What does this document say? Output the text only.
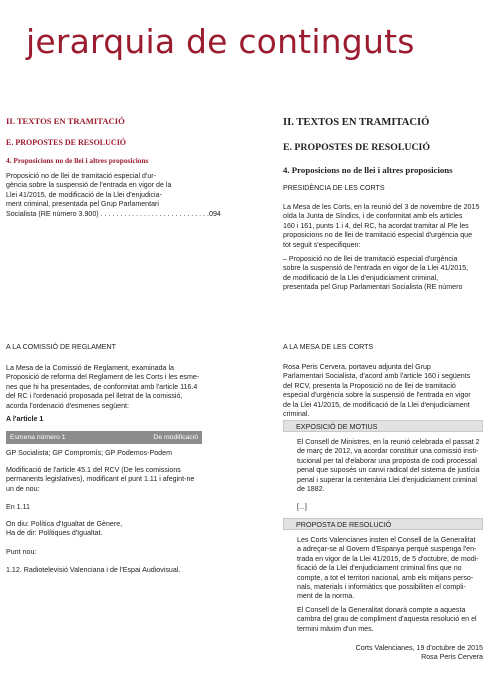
jerarquia de continguts
II. TEXTOS EN TRAMITACIÓ
E. PROPOSTES DE RESOLUCIÓ
4. Proposicions no de llei i altres proposicions

Proposició no de llei de tramitació especial d'ur-

gència sobre la suspensió de l'entrada en vigor de la

Llei 41/2015, de modificació de la Llei d'enjudicia-

ment criminal, presentada pel Grup Parlamentari

Socialista (RE número 3.900) . . . . . . . . . . . . . . . . . . . . . . . . . . . .094

A LA COMISSIÓ DE REGLAMENT

La Mesa de la Comissió de Reglament, examinada la

Proposició de reforma del Reglament de les Corts i les esme-

nes que hi ha presentades, de conformitat amb l'article 116.4

del RC i l'ordenació proposada pel lletrat de la comissió,

acorda l'ordenació d'esmenes següent:

A l'article 1
Esmena número 1	De modificació
GP Socialista; GP Compromís; GP Podemos-Podem

Modificació de l'article 45.1 del RCV (De les comissions

permanents legislatives), modificant el punt 1.11 i afegint-ne

un de nou:

En 1.11

On diu: Política d'Igualtat de Gènere,

Ha de dir: Polítiques d'Igualtat.

Punt nou:
1.12. Radiotelevisió Valenciana i de l'Espai Audiovisual.
II. TEXTOS EN TRAMITACIÓ
E. PROPOSTES DE RESOLUCIÓ
4. Proposicions no de llei i altres proposicions
PRESIDÈNCIA DE LES CORTS

La Mesa de les Corts, en la reunió del 3 de novembre de 2015

oïda la Junta de Síndics, i de conformitat amb els articles

160 i 161, punts 1 i 4, del RC, ha acordat tramitar al Ple les

proposicions no de llei de tramitació especial d'urgència que

tot seguit s'especifiquen:

– Proposició no de llei de tramitació especial d'urgència

sobre la suspensió de l'entrada en vigor de la Llei 41/2015,

de modificació de la Llei d'enjudiciament criminal,

presentada pel Grup Parlamentari Socialista (RE número

A LA MESA DE LES CORTS

Rosa Peris Cervera, portaveu adjunta del Grup

Parlamentari Socialista, d'acord amb l'article 160 i següents

del RCV, presenta la Proposició no de llei de tramitació

especial d'urgència sobre la suspensió de l'entrada en vigor

de la Llei 41/2015, de modificació de la Llei d'enjudiciament

criminal.

EXPOSICIÓ DE MOTIUS

El Consell de Ministres, en la reunió celebrada el passat 2

de març de 2012, va acordar constituir una comissió insti-

tucional per tal d'elaborar una proposta de codi processal

penal que suposés un canvi radical del sistema de justícia

penal i superar la centenària Llei d'enjudiciament criminal

de 1882.

[...]
PROPOSTA DE RESOLUCIÓ

Les Corts Valencianes insten el Consell de la Generalitat

a adreçar-se al Govern d'Espanya perquè suspenga l'en-

trada en vigor de la Llei 41/2015, de 5 d'octubre, de modi-

ficació de la Llei d'enjudiciament criminal fins que no

compte, a tot el territori nacional, amb els mitjans persο-

nals, materials i informàtics que possibiliten el compli-

ment de la norma.

El Consell de la Generalitat donarà compte a aquesta

cambra del grau de compliment d'aquesta resolució en el

termini màxim d'un mes.

Corts Valencianes, 19 d'octubre de 2015

Rosa Peris Cervera
